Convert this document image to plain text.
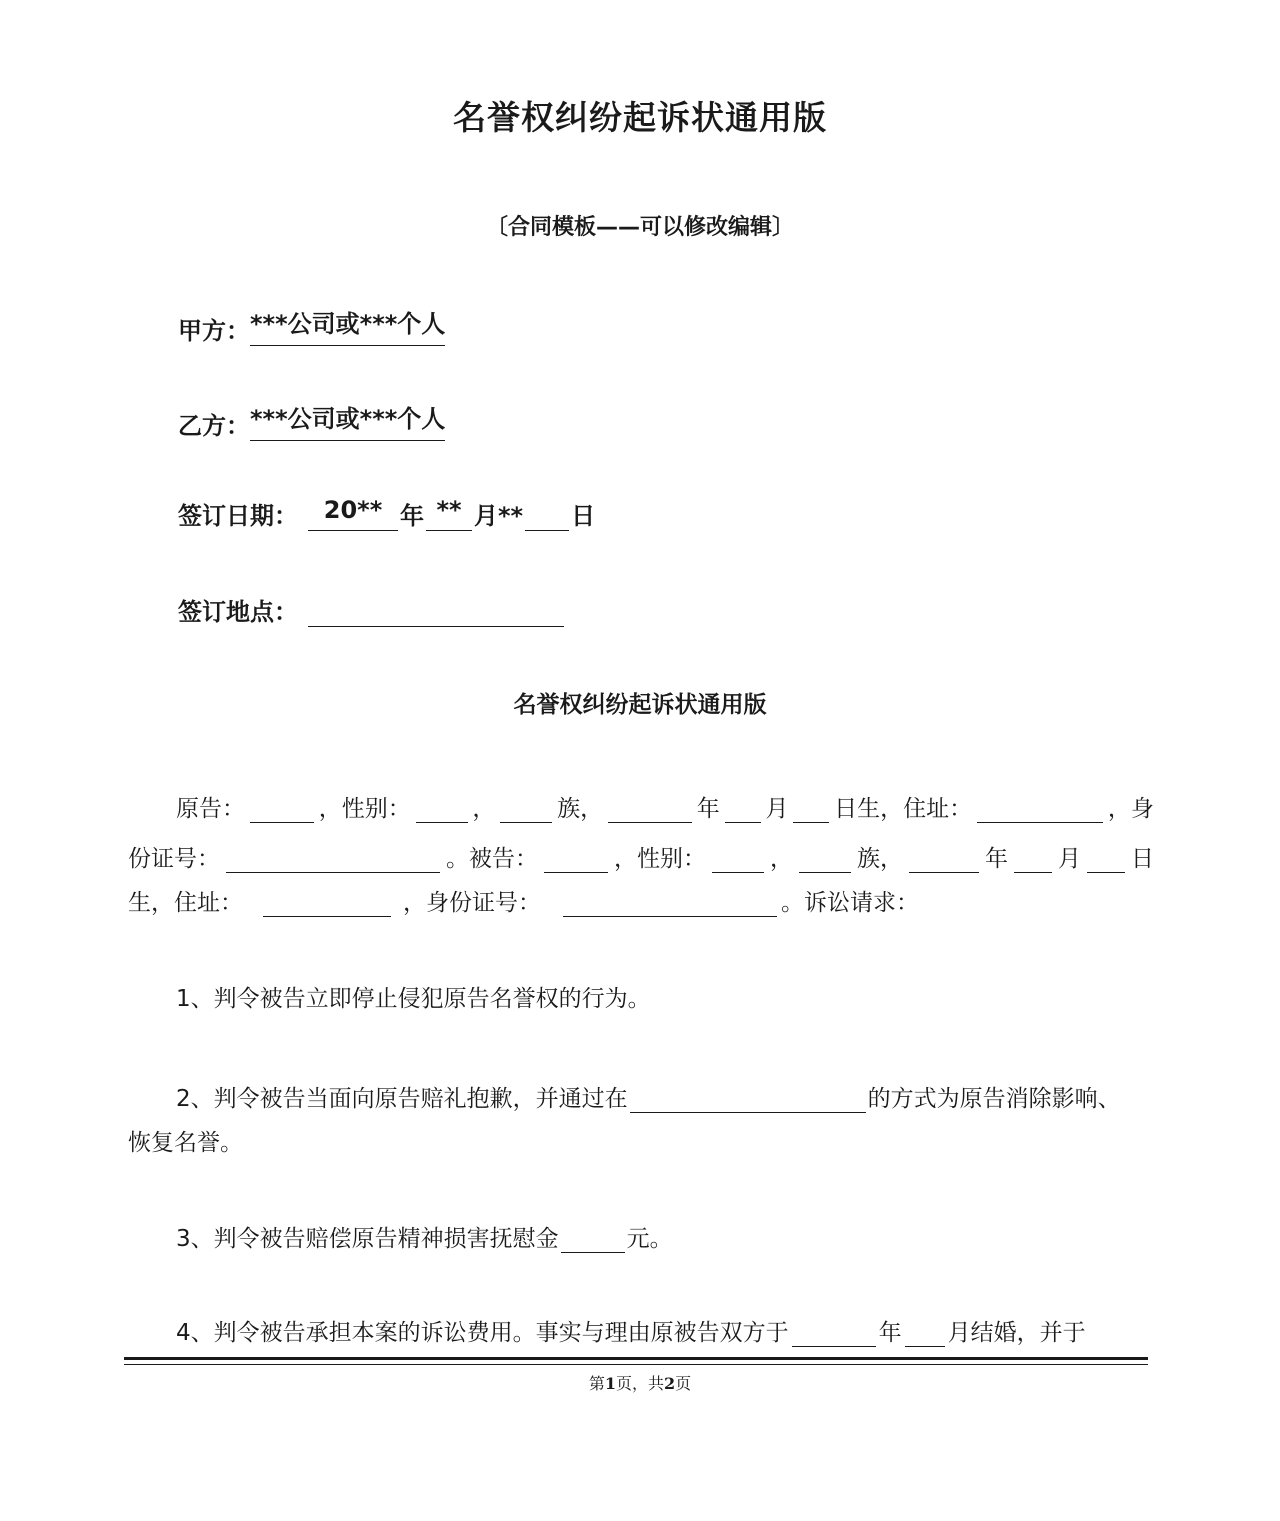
名誉权纠纷起诉状通用版
〔合同模板——可以修改编辑〕
甲方： ***公司或***个人
乙方： ***公司或***个人
签订日期：	20** 年 ** 月** 日
签订地点：
名誉权纠纷起诉状通用版
原告：	，性别：	，	族，	年 月 日生，住址：	，身
份证号：	。被告：	，性别：	，	族，	年 月 日
生，住址：	，身份证号：	。诉讼请求：
1、判令被告立即停止侵犯原告名誉权的行为。
2、判令被告当面向原告赔礼抱歉，并通过在	的方式为原告消除影响、
恢复名誉。
3、判令被告赔偿原告精神损害抚慰金	元。
4、判令被告承担本案的诉讼费用。事实与理由原被告双方于	年 月结婚，并于
第1页，共2页
